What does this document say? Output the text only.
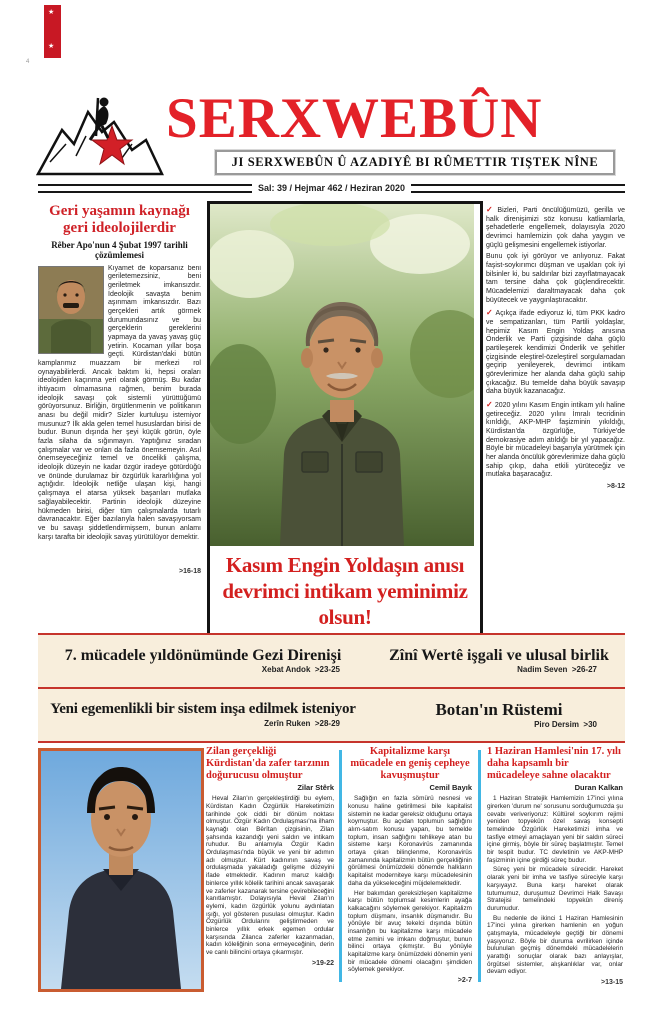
★
★
4
SERXWEBÛN
JI SERXWEBÛN Û AZADIYÊ BI RÛMETTIR TIŞTEK NÎNE
Sal: 39 / Hejmar 462 / Heziran 2020
Geri yaşamın kaynağı geri ideolojilerdir
Rêber Apo'nun 4 Şubat 1997 tarihli çözümlemesi
Kıyamet de koparsanız beni geriletemezsiniz, beni geriletmek imkansızdır. İdeolojik savaşta benim aşınmam imkansızdır. Bazı gerçekleri artık görmek durumundasınız ve bu gerçeklerin gereklerini yapmaya da yavaş yavaş güç yetirin. Kocaman yıllar boşa geçti. Kürdistan'daki bütün kamplarımız muazzam bir merkezi rol oynayabilirlerdi. Ancak baktım ki, hepsi oraları ideolojiden kaçınma yeri olarak görmüş. Bu kadar ihtiyacım olmamasına rağmen, benim burada ideolojik savaşı çok sistemli yürüttüğümü görüyorsunuz. Birliğin, örgütlenmenin ve politikanın anası bu değil midir? Sizler kurtuluşu istemiyor musunuz? İlk akla gelen temel hususlardan birisi de budur. Bunun dışında her şeyi küçük görün, öyle fazla silaha da sığınmayın. Yaptığınız sıradan çalışmalar var ve onları da fazla önemsemeyin. Asıl önemseyeceğiniz temel ve öncelikli çalışma, ideolojik düzeyin ne kadar özgür iradeye götürdüğü ve önünde durulamaz bir özgürlük kararlılığına yol açtığıdır. İdeolojik netliğe ulaşan kişi, hangi çalışmaya el atarsa yüksek başarıları mutlaka sağlayabilecektir. Partinin ideolojik düzeyine hükmeden birisi, diğer tüm çalışmalarda tutarlı davranacaktır. Eğer bazılarıyla halen savaşıyorsam ve bu savaşı şiddetlendirmişsem, bunun anlamı karşı tarafta bir ideolojik savaş yürütülüyor demektir.
>16-18 Kasım Engin Yoldaşın anısı
devrimci intikam yeminimiz olsun!

✓ Bizleri, Parti öncülüğümüzü, gerilla ve halk direnişimizi söz konusu katliamlarla, şehadetlerle engellemek, dolayısıyla 2020 devrimci hamlemizin çok daha yaygın ve güçlü gelişmesini engellemek istiyorlar.

Bunu çok iyi görüyor ve anlıyoruz. Fakat faşist-soykırımcı düşman ve uşakları çok iyi bilsinler ki, bu saldırılar bizi zayıflatmayacak tam tersine daha çok güçlendirecektir. Mücadelemizi daraltmayacak daha çok büyütecek ve yaygınlaştıracaktır.

✓ Açıkça ifade ediyoruz ki, tüm PKK kadro ve sempatizanları, tüm Partili yoldaşlar, hepimiz Kasım Engin Yoldaş anısına Önderlik ve Parti çizgisinde daha güçlü partileşerek kendimizi Önderlik ve şehitler çizgisinde eleştirel-özeleştirel sorgulamadan geçirip yenileyerek, devrimci intikam görevlerimize her alanda daha güçlü sahip çıkacağız. Bu temelde daha büyük savaşıp daha büyük kazanacağız.

✓ 2020 yılını Kasım Engin intikam yılı haline getireceğiz. 2020 yılını İmralı tecridinin kırıldığı, AKP-MHP faşizminin yıkıldığı, Kürdistan'da özgürlüğe, Türkiye'de demokrasiye adım atıldığı bir yıl yapacağız. Böyle bir mücadeleyi başarıyla yürütmek için her alanda öncülük görevlerimize daha güçlü sahip çıkıp, daha etkili yürüteceğiz ve mutlaka başaracağız.

>8-12
7. mücadele yıldönümünde Gezi Direnişi
Xebat Andok >23-25
Zînî Wertê işgali ve ulusal birlik
Nadim Seven >26-27
Yeni egemenlikli bir sistem inşa edilmek isteniyor
Zerîn Ruken >28-29
Botan'ın Rüstemi
Piro Dersim >30
Zilan gerçekliği Kürdistan'da zafer tarzının doğurucusu olmuştur
Zilar Stêrk

Heval Zilan'ın gerçekleştirdiği bu eylem, Kürdistan Kadın Özgürlük Hareketimizin tarihinde çok ciddi bir dönüm noktası olmuştur. Özgür Kadın Ordulaşması'na ilham kaynağı olan Bêrîtan çizgisinin, Zilan şahsında kazandığı yeni saldırı ve intikam ruhudur. Bu anlamıyla Özgür Kadın Ordulaşması'nda büyük ve yeni bir adımın adı olmuştur. Kürt kadınının savaş ve ordulaşmada yakaladığı gelişme düzeyini ifade etmektedir. Kadının maruz kaldığı binlerce yıllık kölelik tarihini ancak savaşarak ve zaferler kazanarak tersine çevirebileceğini kanıtlamıştır. Dolayısıyla Heval Zilan'ın eylemi, kadın özgürlük yolunu aydınlatan ışığı, yol gösteren pusulası olmuştur. Kadın Özgürlük Ordularını geliştirmeden ve binlerce yıllık erkek egemen ordular karşısında Zilanca zaferler kazanmadan, kadın köleliğinin sona ermeyeceğinin, derin ve canlı bilincini ortaya çıkarmıştır.

>19-22
Kapitalizme karşı mücadele en geniş cepheye kavuşmuştur
Cemil Bayık

Sağlığın en fazla sömürü nesnesi ve konusu haline getirilmesi bile kapitalist sistemin ne kadar gereksiz olduğunu ortaya koymuştur. Bu açıdan toplumun sağlığını alım-satım konusu yapan, bu temelde toplum, insan sağlığını tehlikeye atan bu sisteme karşı Koronavirüs zamanında ortaya çıkan bilinçlenme, Koronavirüs zamanında kapitalizmin bütün gerçekliğinin görülmesi önümüzdeki dönemde halkların kapitalist moderniteye karşı mücadelesinin daha da yükseleceğini müjdelemektedir.

Her bakımdan gereksizleşen kapitalizme karşı bütün toplumsal kesimlerin ayağa kalkacağını söylemek gerekiyor. Kapitalizm toplum düşmanı, insanlık düşmanıdır. Bu yönüyle bir avuç tekelci dışında bütün insanlığın bu kapitalizme karşı mücadele etme zemini ve imkanı doğmuştur, bunun bilinci ortaya çıkmıştır. Bu yönüyle kapitalizme karşı önümüzdeki dönemin yeni bir mücadele dönemi olacağını şimdiden söylemek gerekiyor.

>2-7
1 Haziran Hamlesi'nin 17. yılı daha kapsamlı bir mücadeleye sahne olacaktır
Duran Kalkan

1 Haziran Stratejik Hamlemizin 17'inci yılına girerken 'durum ne' sorusunu sorduğumuzda şu cevabı veriveriyoruz: Kültürel soykırım rejimi yeniden topyekûn özel savaş konsepti temelinde Özgürlük Hareketimizi imha ve tasfiye etmeyi amaçlayan yeni bir saldırı süreci içine girmiş, böyle bir süreç başlatmıştır. Temel bir tespit budur. TC devletinin ve AKP-MHP faşizminin içine girdiği süreç budur.

Süreç yeni bir mücadele sürecidir. Hareket olarak yeni bir imha ve tasfiye süreciyle karşı karşıyayız. Buna karşı hareket olarak tutumumuz, duruşumuz Devrimci Halk Savaşı Stratejisi temelindeki topyekûn direniş durumudur.

Bu nedenle de ikinci 1 Haziran Hamlesinin 17'inci yılına girerken hamlenin en yoğun çatışmayla, mücadeleyle geçtiği bir dönemi yaşıyoruz. Böyle bir duruma evrilirken içinde bulunulan geçmiş dönemdeki mücadelelerin yarattığı sonuçlar olarak bazı anlayışlar, örgütsel sistemler, alışkanlıklar var, onlar devam ediyor.

>13-15
